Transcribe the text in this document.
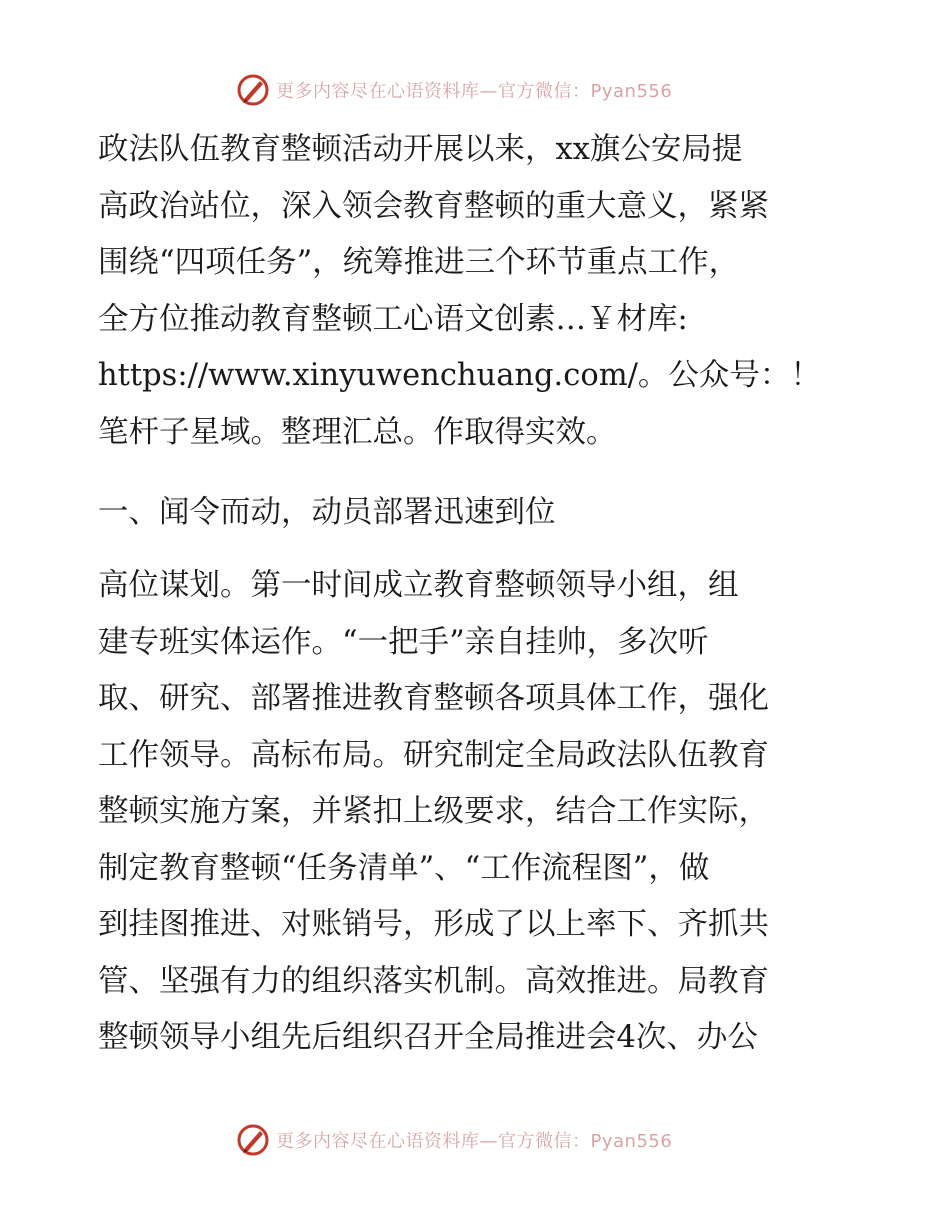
更多内容尽在心语资料库—官方微信：Pyan556
政法队伍教育整顿活动开展以来，xx旗公安局提
高政治站位，深入领会教育整顿的重大意义，紧紧
围绕“四项任务”，统筹推进三个环节重点工作，
全方位推动教育整顿工心语文创素…￥材库:
https://www.xinyuwenchuang.com/。公众号：！
笔杆子星域。整理汇总。作取得实效。
一、闻令而动，动员部署迅速到位
高位谋划。第一时间成立教育整顿领导小组，组
建专班实体运作。“一把手”亲自挂帅，多次听
取、研究、部署推进教育整顿各项具体工作，强化
工作领导。高标布局。研究制定全局政法队伍教育
整顿实施方案，并紧扣上级要求，结合工作实际，
制定教育整顿“任务清单”、“工作流程图”，做
到挂图推进、对账销号，形成了以上率下、齐抓共
管、坚强有力的组织落实机制。高效推进。局教育
整顿领导小组先后组织召开全局推进会4次、办公
更多内容尽在心语资料库—官方微信：Pyan556
